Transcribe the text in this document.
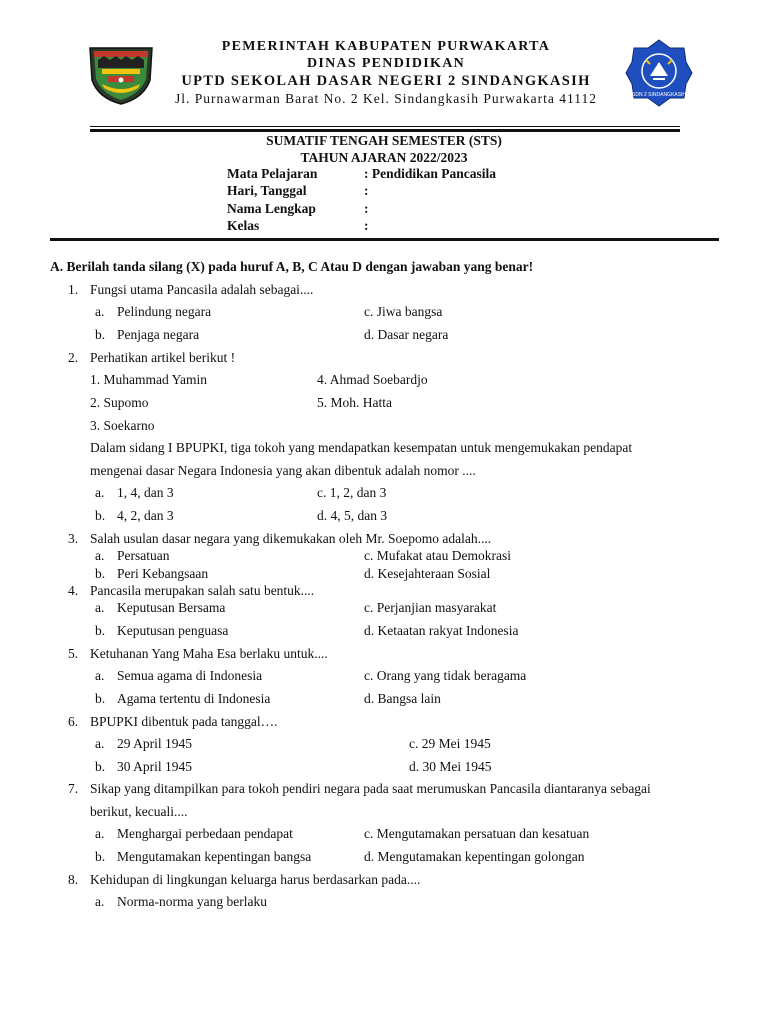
SDN 2 SINDANGKASIH
PEMERINTAH KABUPATEN PURWAKARTA
DINAS PENDIDIKAN
UPTD SEKOLAH DASAR NEGERI 2 SINDANGKASIH
Jl. Purnawarman Barat No. 2 Kel. Sindangkasih Purwakarta 41112
SUMATIF TENGAH SEMESTER (STS)
TAHUN AJARAN 2022/2023
Mata Pelajaran	: Pendidikan Pancasila
Hari, Tanggal	:
Nama Lengkap	:
Kelas	:
A. Berilah tanda silang (X) pada huruf A, B, C Atau D dengan jawaban yang benar!
1. Fungsi utama Pancasila adalah sebagai....
a. Pelindung negara	c. Jiwa bangsa
b. Penjaga negara	d. Dasar negara
2. Perhatikan artikel berikut !
1. Muhammad Yamin	4. Ahmad Soebardjo
2. Supomo	5. Moh. Hatta
3. Soekarno
Dalam sidang I BPUPKI, tiga tokoh yang mendapatkan kesempatan untuk mengemukakan pendapat
mengenai dasar Negara Indonesia yang akan dibentuk adalah nomor ....
a. 1, 4, dan 3	c. 1, 2, dan 3
b. 4, 2, dan 3	d. 4, 5, dan 3
3. Salah usulan dasar negara yang dikemukakan oleh Mr. Soepomo adalah....
a. Persatuan	c. Mufakat atau Demokrasi
b. Peri Kebangsaan	d. Kesejahteraan Sosial
4. Pancasila merupakan salah satu bentuk....
a. Keputusan Bersama	c. Perjanjian masyarakat
b. Keputusan penguasa	d. Ketaatan rakyat Indonesia
5. Ketuhanan Yang Maha Esa berlaku untuk....
a. Semua agama di Indonesia	c. Orang yang tidak beragama
b. Agama tertentu di Indonesia	d. Bangsa lain
6. BPUPKI dibentuk pada tanggal….
a. 29 April 1945	c. 29 Mei 1945
b. 30 April 1945	d. 30 Mei 1945
7. Sikap yang ditampilkan para tokoh pendiri negara pada saat merumuskan Pancasila diantaranya sebagai
berikut, kecuali....
a. Menghargai perbedaan pendapat	c. Mengutamakan persatuan dan kesatuan
b. Mengutamakan kepentingan bangsa	d. Mengutamakan kepentingan golongan
8. Kehidupan di lingkungan keluarga harus berdasarkan pada....
a. Norma-norma yang berlaku
